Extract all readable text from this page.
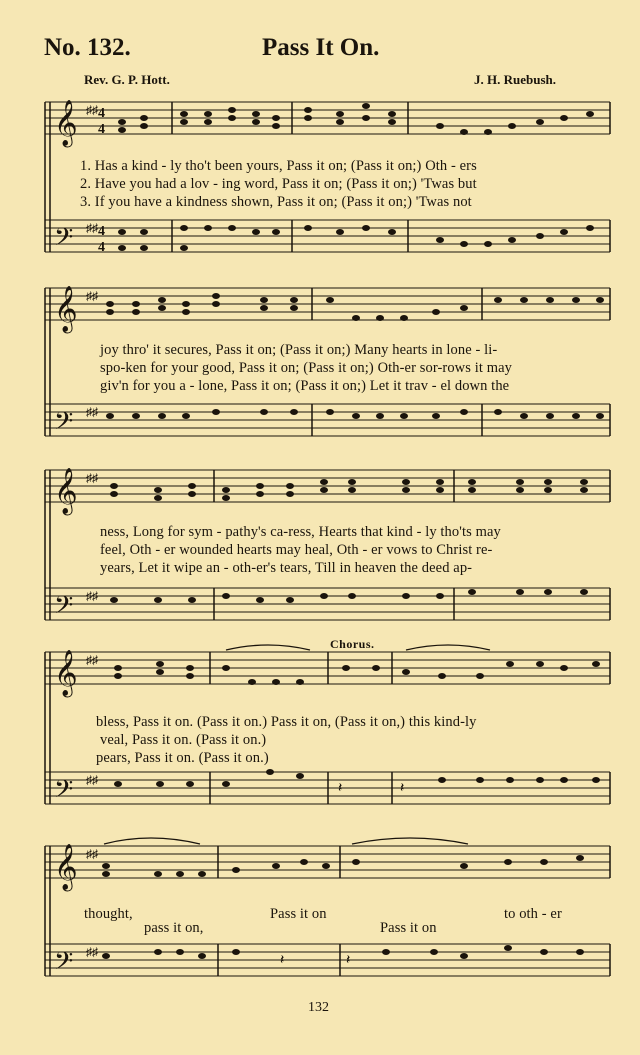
No. 132.	Pass It On.
Rev. G. P. Hott.	J. H. Ruebush.
𝄞
𝄢
♯♯
♯♯
4
4
4
4
1. Has a kind - ly tho't been yours, Pass it on; (Pass it on;) Oth - ers
2. Have you had a lov - ing word, Pass it on; (Pass it on;) 'Twas but
3. If you have a kindness shown, Pass it on; (Pass it on;) 'Twas not
𝄞
𝄢
♯♯
♯♯
joy thro' it secures, Pass it on; (Pass it on;) Many hearts in lone - li-
spo-ken for your good, Pass it on; (Pass it on;) Oth-er sor-rows it may
giv'n for you a - lone, Pass it on; (Pass it on;) Let it trav - el down the
𝄞
𝄢
♯♯
♯♯
ness, Long for sym - pathy's ca-ress, Hearts that kind - ly tho'ts may
feel, Oth - er wounded hearts may heal, Oth - er vows to Christ re-
years, Let it wipe an - oth-er's tears, Till in heaven the deed ap-
Chorus.
𝄞
𝄢
♯♯
♯♯
𝄽	𝄽
bless, Pass it on. (Pass it on.) Pass it on, (Pass it on,) this kind-ly
veal, Pass it on. (Pass it on.)
pears, Pass it on. (Pass it on.)
𝄞
𝄢
♯♯
♯♯
𝄽	𝄽
thought,	Pass it on	to oth - er
pass it on,	Pass it on
132
